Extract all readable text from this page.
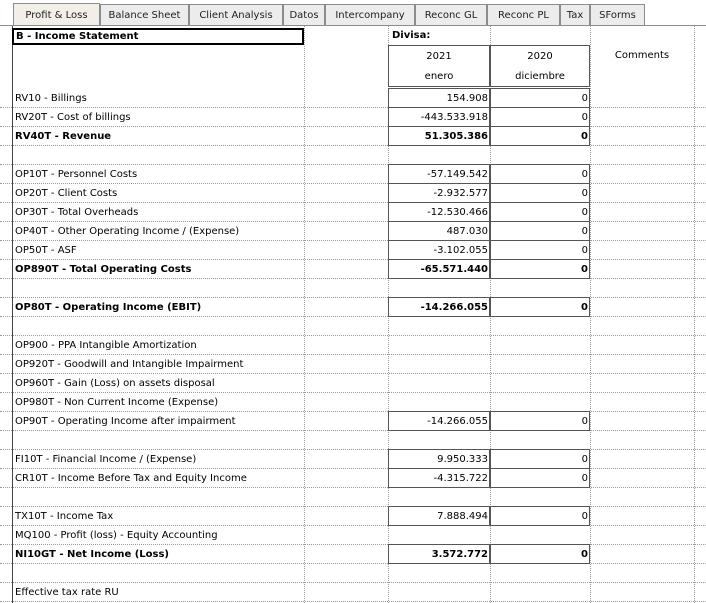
Profit & Loss Balance Sheet Client Analysis Datos Intercompany Reconc GL Reconc PL Tax SForms
B - Income Statement	Divisa:
2021	2020
enero	diciembre
Comments
RV10 - Billings	154.908	0
RV20T - Cost of billings	-443.533.918	0
RV40T - Revenue	51.305.386	0
OP10T - Personnel Costs	-57.149.542	0
OP20T - Client Costs	-2.932.577	0
OP30T - Total Overheads	-12.530.466	0
OP40T - Other Operating Income / (Expense)	487.030	0
OP50T - ASF	-3.102.055	0
OP890T - Total Operating Costs	-65.571.440	0
OP80T - Operating Income (EBIT)	-14.266.055	0
OP900 - PPA Intangible Amortization
OP920T - Goodwill and Intangible Impairment
OP960T - Gain (Loss) on assets disposal
OP980T - Non Current Income (Expense)
OP90T - Operating Income after impairment	-14.266.055	0
FI10T - Financial Income / (Expense)	9.950.333	0
CR10T - Income Before Tax and Equity Income	-4.315.722	0
TX10T - Income Tax	7.888.494	0
MQ100 - Profit (loss) - Equity Accounting
NI10GT - Net Income (Loss)	3.572.772	0
Effective tax rate RU
